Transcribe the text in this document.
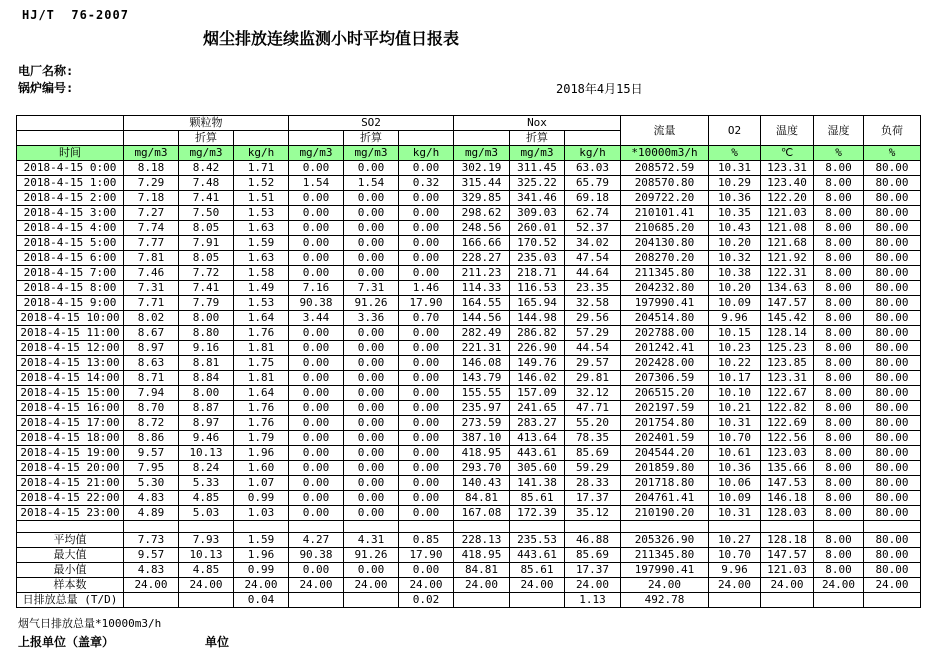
HJ/T  76-2007
烟尘排放连续监测小时平均值日报表
电厂名称:
锅炉编号:	2018年4月15日
	颗粒物			SO2			Nox			流量	O2	温度	湿度	负荷
		折算			折算			折算						
时间	mg/m3	mg/m3	kg/h	mg/m3	mg/m3	kg/h	mg/m3	mg/m3	kg/h	*10000m3/h	%	℃	%	%
2018-4-15 0:00	8.18	8.42	1.71	0.00	0.00	0.00	302.19	311.45	63.03	208572.59	10.31	123.31	8.00	80.00
2018-4-15 1:00	7.29	7.48	1.52	1.54	1.54	0.32	315.44	325.22	65.79	208570.80	10.29	123.40	8.00	80.00
2018-4-15 2:00	7.18	7.41	1.51	0.00	0.00	0.00	329.85	341.46	69.18	209722.20	10.36	122.20	8.00	80.00
2018-4-15 3:00	7.27	7.50	1.53	0.00	0.00	0.00	298.62	309.03	62.74	210101.41	10.35	121.03	8.00	80.00
2018-4-15 4:00	7.74	8.05	1.63	0.00	0.00	0.00	248.56	260.01	52.37	210685.20	10.43	121.08	8.00	80.00
2018-4-15 5:00	7.77	7.91	1.59	0.00	0.00	0.00	166.66	170.52	34.02	204130.80	10.20	121.68	8.00	80.00
2018-4-15 6:00	7.81	8.05	1.63	0.00	0.00	0.00	228.27	235.03	47.54	208270.20	10.32	121.92	8.00	80.00
2018-4-15 7:00	7.46	7.72	1.58	0.00	0.00	0.00	211.23	218.71	44.64	211345.80	10.38	122.31	8.00	80.00
2018-4-15 8:00	7.31	7.41	1.49	7.16	7.31	1.46	114.33	116.53	23.35	204232.80	10.20	134.63	8.00	80.00
2018-4-15 9:00	7.71	7.79	1.53	90.38	91.26	17.90	164.55	165.94	32.58	197990.41	10.09	147.57	8.00	80.00
2018-4-15 10:00	8.02	8.00	1.64	3.44	3.36	0.70	144.56	144.98	29.56	204514.80	9.96	145.42	8.00	80.00
2018-4-15 11:00	8.67	8.80	1.76	0.00	0.00	0.00	282.49	286.82	57.29	202788.00	10.15	128.14	8.00	80.00
2018-4-15 12:00	8.97	9.16	1.81	0.00	0.00	0.00	221.31	226.90	44.54	201242.41	10.23	125.23	8.00	80.00
2018-4-15 13:00	8.63	8.81	1.75	0.00	0.00	0.00	146.08	149.76	29.57	202428.00	10.22	123.85	8.00	80.00
2018-4-15 14:00	8.71	8.84	1.81	0.00	0.00	0.00	143.79	146.02	29.81	207306.59	10.17	123.31	8.00	80.00
2018-4-15 15:00	7.94	8.00	1.64	0.00	0.00	0.00	155.55	157.09	32.12	206515.20	10.10	122.67	8.00	80.00
2018-4-15 16:00	8.70	8.87	1.76	0.00	0.00	0.00	235.97	241.65	47.71	202197.59	10.21	122.82	8.00	80.00
2018-4-15 17:00	8.72	8.97	1.76	0.00	0.00	0.00	273.59	283.27	55.20	201754.80	10.31	122.69	8.00	80.00
2018-4-15 18:00	8.86	9.46	1.79	0.00	0.00	0.00	387.10	413.64	78.35	202401.59	10.70	122.56	8.00	80.00
2018-4-15 19:00	9.57	10.13	1.96	0.00	0.00	0.00	418.95	443.61	85.69	204544.20	10.61	123.03	8.00	80.00
2018-4-15 20:00	7.95	8.24	1.60	0.00	0.00	0.00	293.70	305.60	59.29	201859.80	10.36	135.66	8.00	80.00
2018-4-15 21:00	5.30	5.33	1.07	0.00	0.00	0.00	140.43	141.38	28.33	201718.80	10.06	147.53	8.00	80.00
2018-4-15 22:00	4.83	4.85	0.99	0.00	0.00	0.00	84.81	85.61	17.37	204761.41	10.09	146.18	8.00	80.00
2018-4-15 23:00	4.89	5.03	1.03	0.00	0.00	0.00	167.08	172.39	35.12	210190.20	10.31	128.03	8.00	80.00

平均值	7.73	7.93	1.59	4.27	4.31	0.85	228.13	235.53	46.88	205326.90	10.27	128.18	8.00	80.00
最大值	9.57	10.13	1.96	90.38	91.26	17.90	418.95	443.61	85.69	211345.80	10.70	147.57	8.00	80.00
最小值	4.83	4.85	0.99	0.00	0.00	0.00	84.81	85.61	17.37	197990.41	9.96	121.03	8.00	80.00
样本数	24.00	24.00	24.00	24.00	24.00	24.00	24.00	24.00	24.00	24.00	24.00	24.00	24.00	24.00
日排放总量 (T/D)			0.04			0.02			1.13	492.78				
烟气日排放总量*10000m3/h
上报单位（盖章）	单位
